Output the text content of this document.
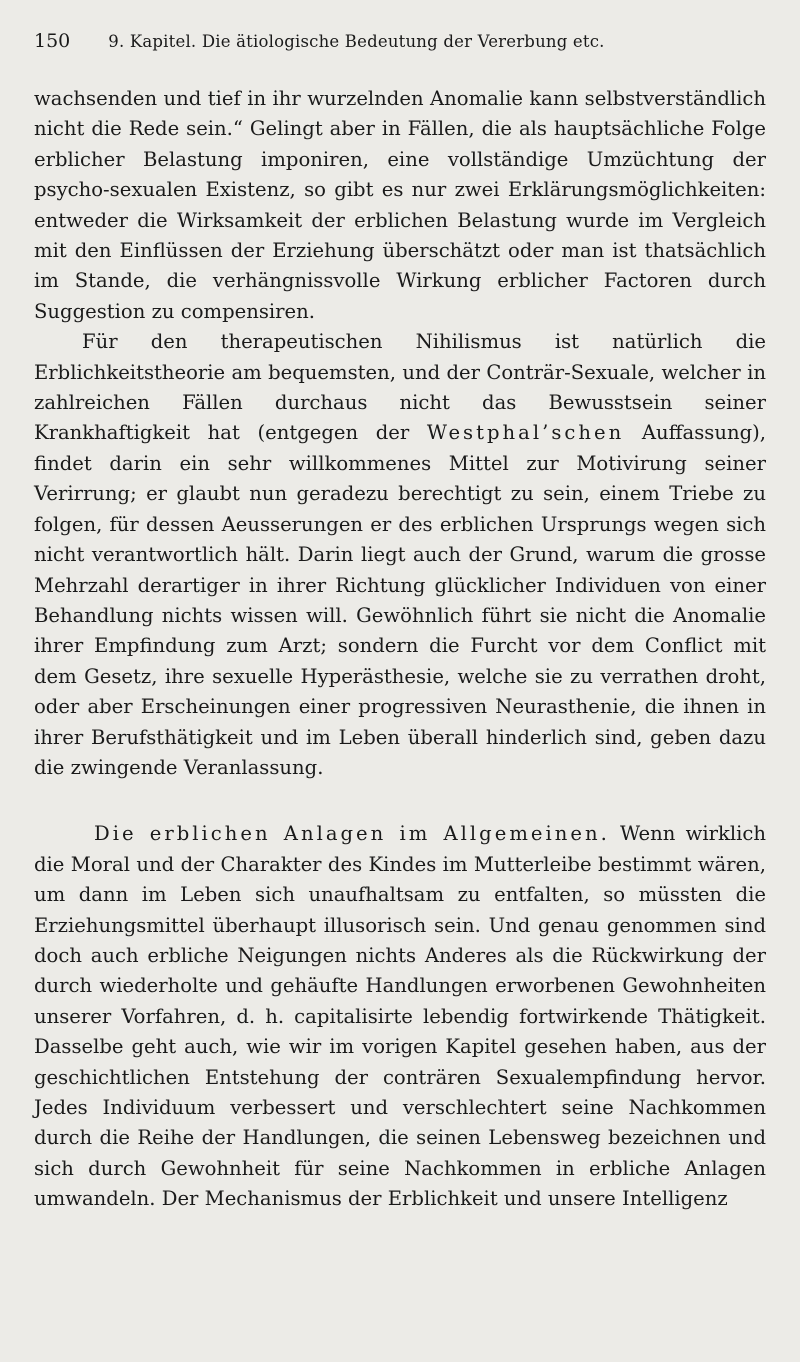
150 9. Kapitel. Die ätiologische Bedeutung der Vererbung etc.

wachsenden und tief in ihr wurzelnden Anomalie kann selbstverständlich nicht die Rede sein.“ Gelingt aber in Fällen, die als hauptsächliche Folge erblicher Belastung imponiren, eine vollständige Umzüchtung der psycho-sexualen Existenz, so gibt es nur zwei Erklärungsmöglichkeiten: entweder die Wirksamkeit der erblichen Belastung wurde im Vergleich mit den Einflüssen der Erziehung überschätzt oder man ist thatsächlich im Stande, die verhängnissvolle Wirkung erblicher Factoren durch Suggestion zu compensiren.

Für den therapeutischen Nihilismus ist natürlich die Erblichkeitstheorie am bequemsten, und der Conträr-Sexuale, welcher in zahlreichen Fällen durchaus nicht das Bewusstsein seiner Krankhaftigkeit hat (entgegen der Westphal’schen Auffassung), findet darin ein sehr willkommenes Mittel zur Motivirung seiner Verirrung; er glaubt nun geradezu berechtigt zu sein, einem Triebe zu folgen, für dessen Aeusserungen er des erblichen Ursprungs wegen sich nicht verantwortlich hält. Darin liegt auch der Grund, warum die grosse Mehrzahl derartiger in ihrer Richtung glücklicher Individuen von einer Behandlung nichts wissen will. Gewöhnlich führt sie nicht die Anomalie ihrer Empfindung zum Arzt; sondern die Furcht vor dem Conflict mit dem Gesetz, ihre sexuelle Hyperästhesie, welche sie zu verrathen droht, oder aber Erscheinungen einer progressiven Neurasthenie, die ihnen in ihrer Berufsthätigkeit und im Leben überall hinderlich sind, geben dazu die zwingende Veranlassung.

Die erblichen Anlagen im Allgemeinen. Wenn wirklich die Moral und der Charakter des Kindes im Mutterleibe bestimmt wären, um dann im Leben sich unaufhaltsam zu entfalten, so müssten die Erziehungsmittel überhaupt illusorisch sein. Und genau genommen sind doch auch erbliche Neigungen nichts Anderes als die Rückwirkung der durch wiederholte und gehäufte Handlungen erworbenen Gewohnheiten unserer Vorfahren, d. h. capitalisirte lebendig fortwirkende Thätigkeit. Dasselbe geht auch, wie wir im vorigen Kapitel gesehen haben, aus der geschichtlichen Entstehung der conträren Sexualempfindung hervor. Jedes Individuum verbessert und verschlechtert seine Nachkommen durch die Reihe der Handlungen, die seinen Lebensweg bezeichnen und sich durch Gewohnheit für seine Nachkommen in erbliche Anlagen umwandeln. Der Mechanismus der Erblichkeit und unsere Intelligenz
